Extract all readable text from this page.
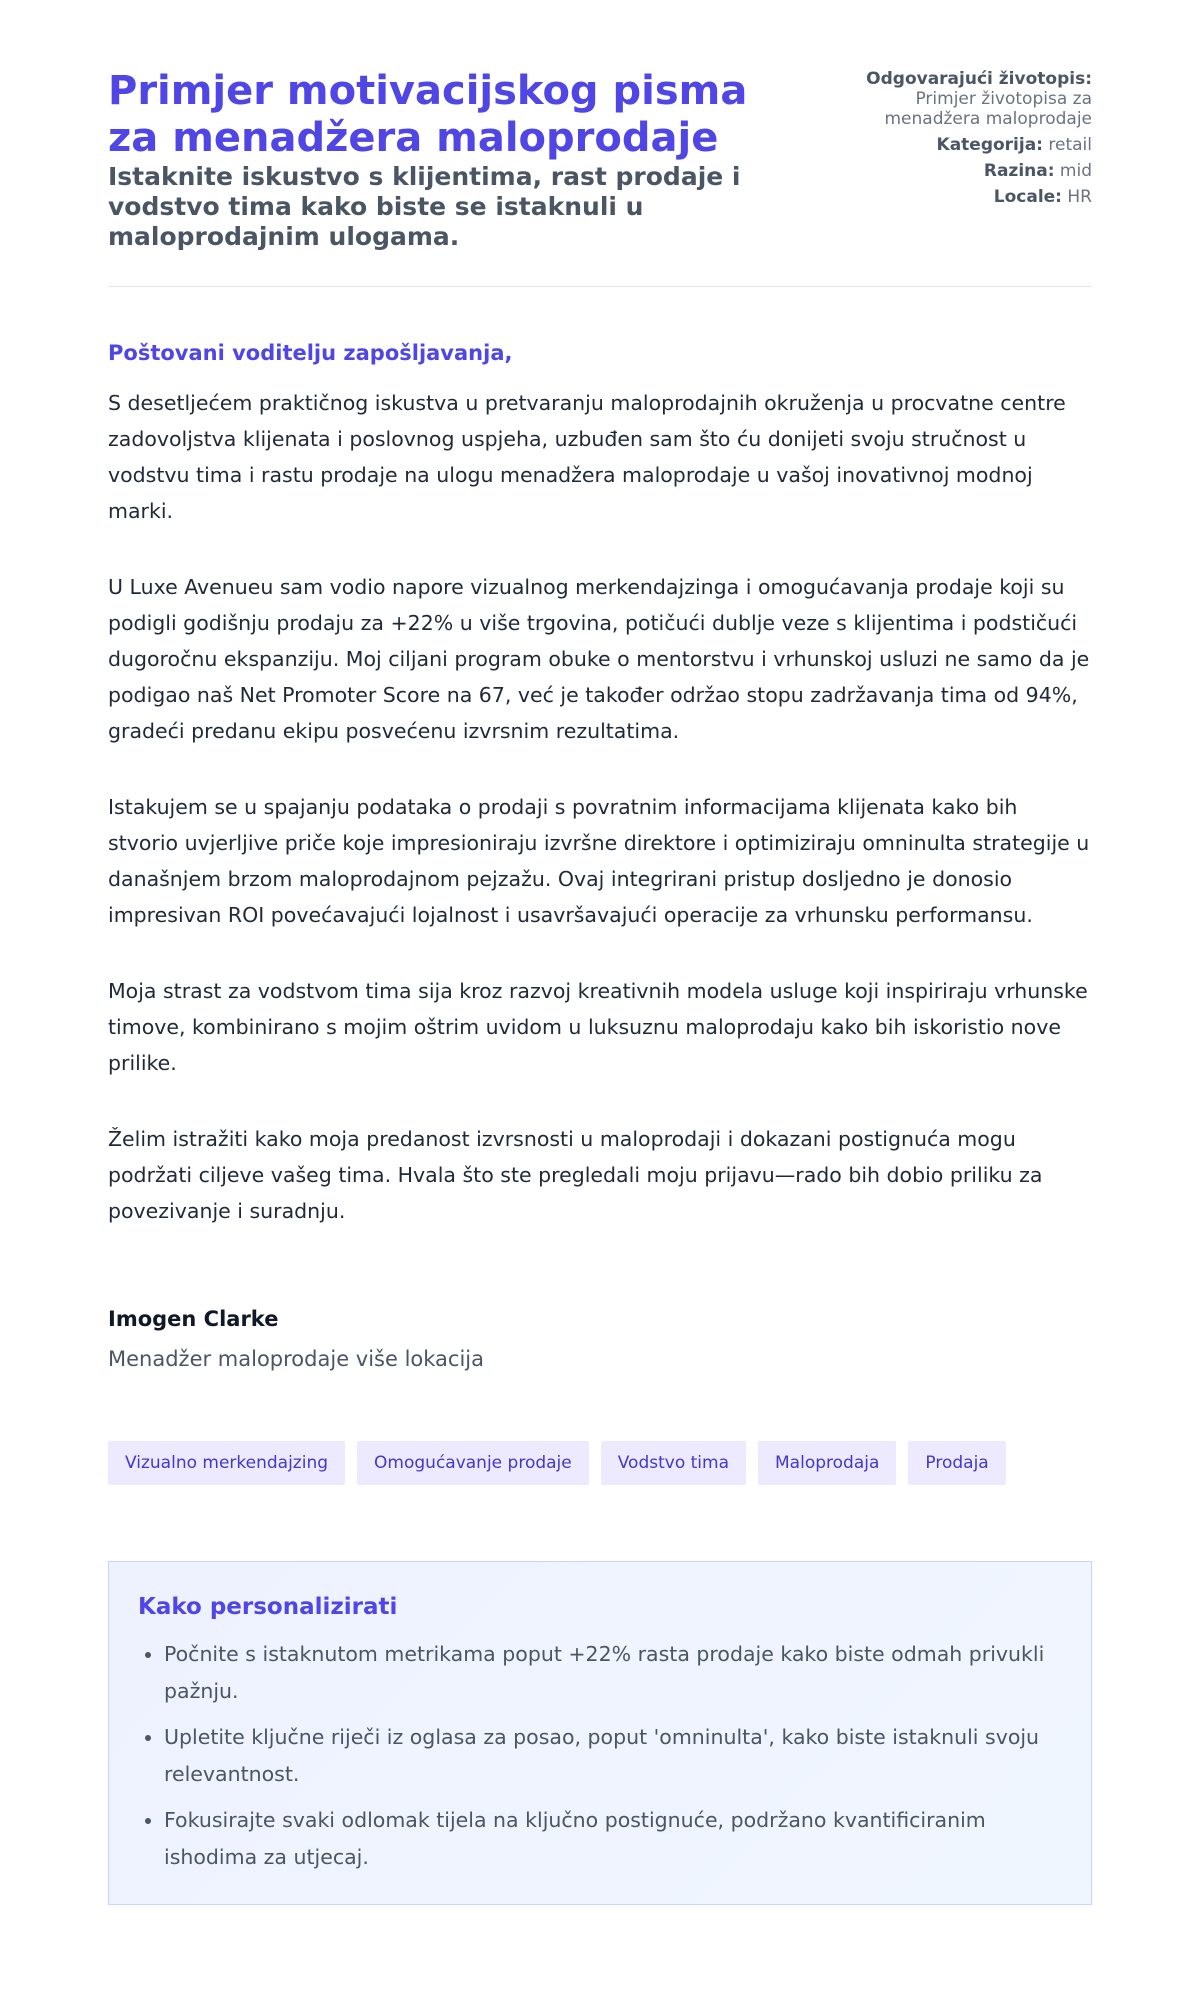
Primjer motivacijskog pisma za menadžera maloprodaje
Istaknite iskustvo s klijentima, rast prodaje i vodstvo tima kako biste se istaknuli u maloprodajnim ulogama.
Odgovarajući životopis:
Primjer životopisa za menadžera maloprodaje
Kategorija: retail
Razina: mid
Locale: HR
Poštovani voditelju zapošljavanja,

S desetljećem praktičnog iskustva u pretvaranju maloprodajnih okruženja u procvatne centre zadovoljstva klijenata i poslovnog uspjeha, uzbuđen sam što ću donijeti svoju stručnost u vodstvu tima i rastu prodaje na ulogu menadžera maloprodaje u vašoj inovativnoj modnoj marki.

U Luxe Avenueu sam vodio napore vizualnog merkendajzinga i omogućavanja prodaje koji su podigli godišnju prodaju za +22% u više trgovina, potičući dublje veze s klijentima i podstičući dugoročnu ekspanziju. Moj ciljani program obuke o mentorstvu i vrhunskoj usluzi ne samo da je podigao naš Net Promoter Score na 67, već je također održao stopu zadržavanja tima od 94%, gradeći predanu ekipu posvećenu izvrsnim rezultatima.

Istakujem se u spajanju podataka o prodaji s povratnim informacijama klijenata kako bih stvorio uvjerljive priče koje impresioniraju izvršne direktore i optimiziraju omninulta strategije u današnjem brzom maloprodajnom pejzažu. Ovaj integrirani pristup dosljedno je donosio impresivan ROI povećavajući lojalnost i usavršavajući operacije za vrhunsku performansu.

Moja strast za vodstvom tima sija kroz razvoj kreativnih modela usluge koji inspiriraju vrhunske timove, kombinirano s mojim oštrim uvidom u luksuznu maloprodaju kako bih iskoristio nove prilike.

Želim istražiti kako moja predanost izvrsnosti u maloprodaji i dokazani postignuća mogu podržati ciljeve vašeg tima. Hvala što ste pregledali moju prijavu—rado bih dobio priliku za povezivanje i suradnju.

Imogen Clarke
Menadžer maloprodaje više lokacija
Vizualno merkendajzing	Omogućavanje prodaje	Vodstvo tima	Maloprodaja	Prodaja
Kako personalizirati
• Počnite s istaknutom metrikama poput +22% rasta prodaje kako biste odmah privukli pažnju.
• Upletite ključne riječi iz oglasa za posao, poput 'omninulta', kako biste istaknuli svoju relevantnost.
• Fokusirajte svaki odlomak tijela na ključno postignuće, podržano kvantificiranim ishodima za utjecaj.
